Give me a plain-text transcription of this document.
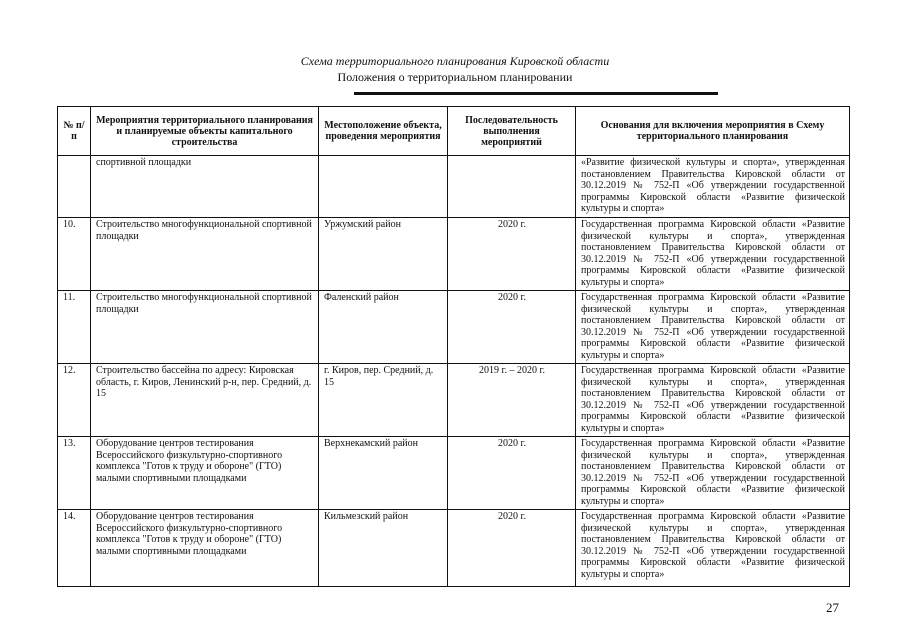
Схема территориального планирования Кировской области
Положения о территориальном планировании
№ п/п	Мероприятия территориального планирования и планируемые объекты капитального строительства	Местоположение объекта, проведения мероприятия	Последовательность выполнения мероприятий	Основания для включения мероприятия в Схему территориального планирования
	спортивной площадки			«Развитие физической культуры и спорта», утвержденная постановлением Правительства Кировской области от 30.12.2019 № 752-П «Об утверждении государственной программы Кировской области «Развитие физической культуры и спорта»
10.	Строительство многофункциональной спортивной площадки	Уржумский район	2020 г.	Государственная программа Кировской области «Развитие физической культуры и спорта», утвержденная постановлением Правительства Кировской области от 30.12.2019 № 752-П «Об утверждении государственной программы Кировской области «Развитие физической культуры и спорта»
11.	Строительство многофункциональной спортивной площадки	Фаленский район	2020 г.	Государственная программа Кировской области «Развитие физической культуры и спорта», утвержденная постановлением Правительства Кировской области от 30.12.2019 № 752-П «Об утверждении государственной программы Кировской области «Развитие физической культуры и спорта»
12.	Строительство бассейна по адресу: Кировская область, г. Киров, Ленинский р-н, пер. Средний, д. 15	г. Киров, пер. Средний, д. 15	2019 г. – 2020 г.	Государственная программа Кировской области «Развитие физической культуры и спорта», утвержденная постановлением Правительства Кировской области от 30.12.2019 № 752-П «Об утверждении государственной программы Кировской области «Развитие физической культуры и спорта»
13.	Оборудование центров тестирования Всероссийского физкультурно-спортивного комплекса "Готов к труду и обороне" (ГТО) малыми спортивными площадками	Верхнекамский район	2020 г.	Государственная программа Кировской области «Развитие физической культуры и спорта», утвержденная постановлением Правительства Кировской области от 30.12.2019 № 752-П «Об утверждении государственной программы Кировской области «Развитие физической культуры и спорта»
14.	Оборудование центров тестирования Всероссийского физкультурно-спортивного комплекса "Готов к труду и обороне" (ГТО) малыми спортивными площадками	Кильмезский район	2020 г.	Государственная программа Кировской области «Развитие физической культуры и спорта», утвержденная постановлением Правительства Кировской области от 30.12.2019 № 752-П «Об утверждении государственной программы Кировской области «Развитие физической культуры и спорта»
27
